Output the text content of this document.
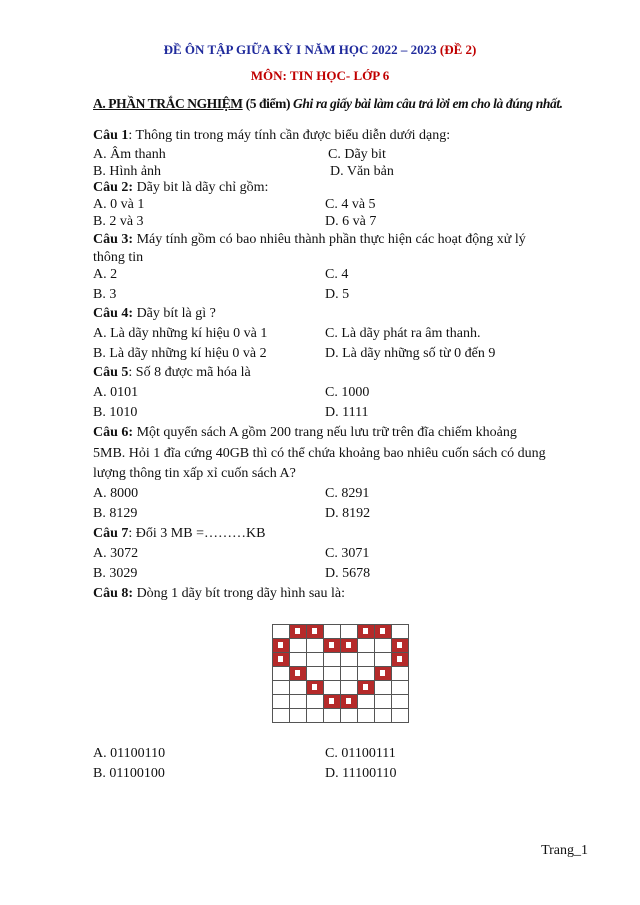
ĐỀ ÔN TẬP GIỮA KỲ I NĂM HỌC 2022 – 2023 (ĐỀ 2)
MÔN: TIN HỌC- LỚP 6
A. PHẦN TRẮC NGHIỆM (5 điểm) Ghi ra giấy bài làm câu trả lời em cho là đúng nhất.
Câu 1: Thông tin trong máy tính cần được biểu diễn dưới dạng:
A. Âm thanh	C. Dãy bit
B. Hình ảnh	D. Văn bản
Câu 2: Dãy bit là dãy chỉ gồm:
A. 0 và 1	C. 4 và 5
B. 2 và 3	D. 6 và 7
Câu 3: Máy tính gồm có bao nhiêu thành phần thực hiện các hoạt động xử lý
thông tin
A. 2	C. 4
B. 3	D. 5
Câu 4: Dãy bít là gì ?
A. Là dãy những kí hiệu 0 và 1	C. Là dãy phát ra âm thanh.
B. Là dãy những kí hiệu 0 và 2	D. Là dãy những số từ 0 đến 9
Câu 5: Số 8 được mã hóa là
A. 0101	C. 1000
B. 1010	D. 1111
Câu 6: Một quyển sách A gồm 200 trang nếu lưu trữ trên đĩa chiếm khoảng
5MB. Hỏi 1 đĩa cứng 40GB thì có thể chứa khoảng bao nhiêu cuốn sách có dung
lượng thông tin xấp xỉ cuốn sách A?
A. 8000	C. 8291
B. 8129	D. 8192
Câu 7: Đổi 3 MB =………KB
A. 3072	C. 3071
B. 3029	D. 5678
Câu 8: Dòng 1 dãy bít trong dãy hình sau là:

A. 01100110	C. 01100111
B. 01100100	D. 11100110
Trang_1
